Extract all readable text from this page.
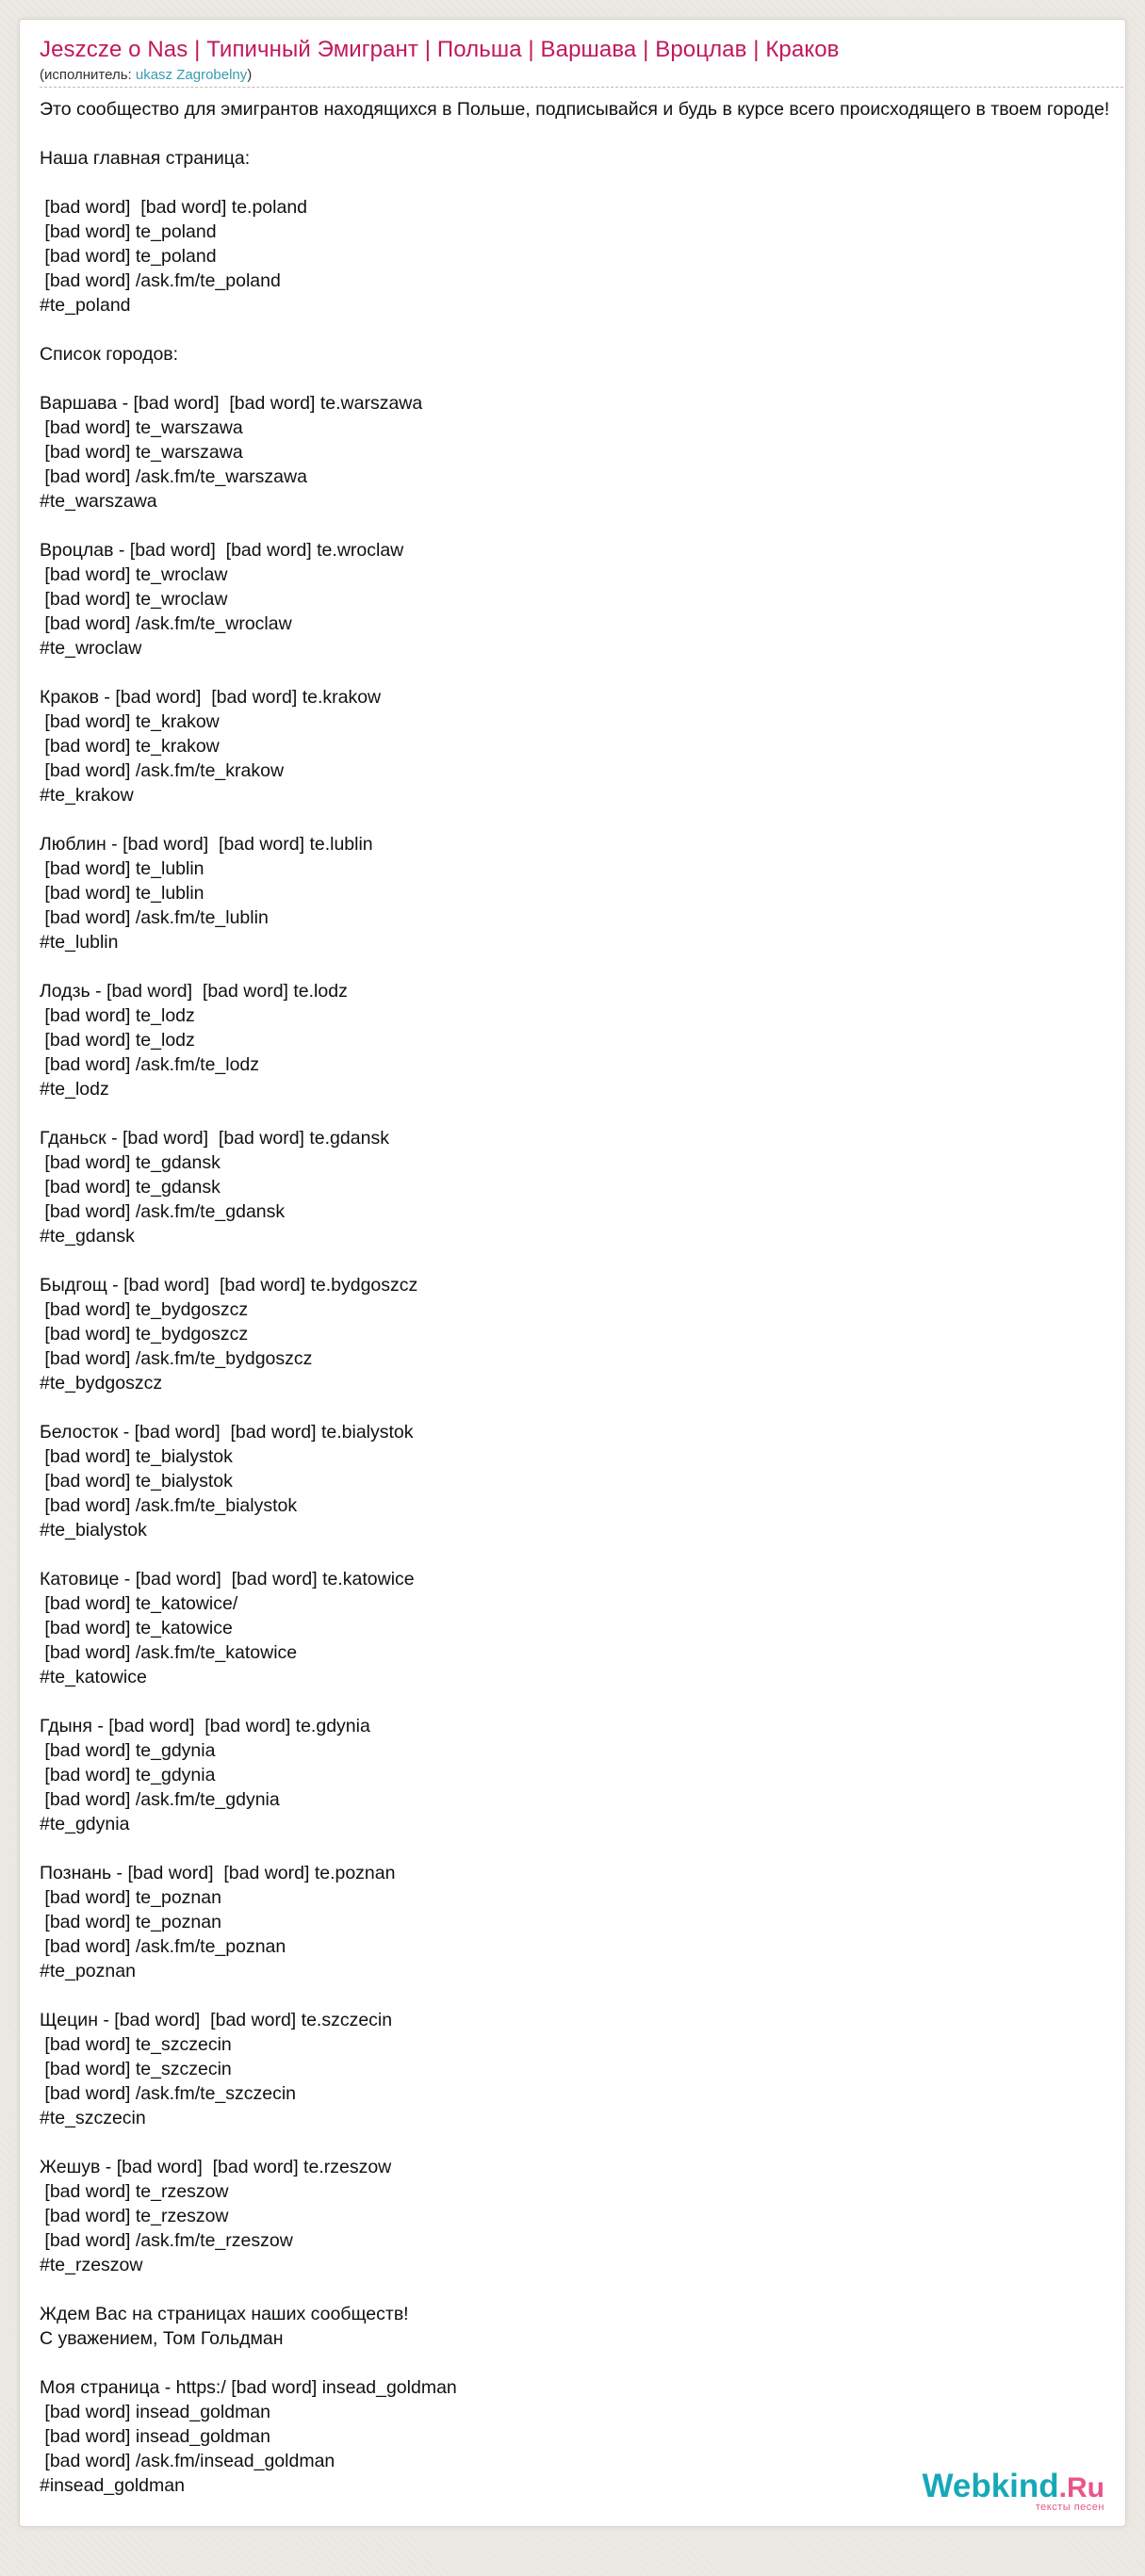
Jeszcze o Nas | Типичный Эмигрант | Польша | Варшава | Вроцлав | Краков
(исполнитель: ukasz Zagrobelny)
Это сообщество для эмигрантов находящихся в Польше, подписывайся и будь в курсе всего происходящего в твоем городе!

Наша главная страница:

[bad word]  [bad word] te.poland
[bad word] te_poland
[bad word] te_poland
[bad word] /ask.fm/te_poland
#te_poland

Список городов:

Варшава - [bad word]  [bad word] te.warszawa
[bad word] te_warszawa
[bad word] te_warszawa
[bad word] /ask.fm/te_warszawa
#te_warszawa

Вроцлав - [bad word]  [bad word] te.wroclaw
[bad word] te_wroclaw
[bad word] te_wroclaw
[bad word] /ask.fm/te_wroclaw
#te_wroclaw

Краков - [bad word]  [bad word] te.krakow
[bad word] te_krakow
[bad word] te_krakow
[bad word] /ask.fm/te_krakow
#te_krakow

Люблин - [bad word]  [bad word] te.lublin
[bad word] te_lublin
[bad word] te_lublin
[bad word] /ask.fm/te_lublin
#te_lublin

Лодзь - [bad word]  [bad word] te.lodz
[bad word] te_lodz
[bad word] te_lodz
[bad word] /ask.fm/te_lodz
#te_lodz

Гданьск - [bad word]  [bad word] te.gdansk
[bad word] te_gdansk
[bad word] te_gdansk
[bad word] /ask.fm/te_gdansk
#te_gdansk

Быдгощ - [bad word]  [bad word] te.bydgoszcz
[bad word] te_bydgoszcz
[bad word] te_bydgoszcz
[bad word] /ask.fm/te_bydgoszcz
#te_bydgoszcz

Белосток - [bad word]  [bad word] te.bialystok
[bad word] te_bialystok
[bad word] te_bialystok
[bad word] /ask.fm/te_bialystok
#te_bialystok

Катовице - [bad word]  [bad word] te.katowice
[bad word] te_katowice/
[bad word] te_katowice
[bad word] /ask.fm/te_katowice
#te_katowice

Гдыня - [bad word]  [bad word] te.gdynia
[bad word] te_gdynia
[bad word] te_gdynia
[bad word] /ask.fm/te_gdynia
#te_gdynia

Познань - [bad word]  [bad word] te.poznan
[bad word] te_poznan
[bad word] te_poznan
[bad word] /ask.fm/te_poznan
#te_poznan

Щецин - [bad word]  [bad word] te.szczecin
[bad word] te_szczecin
[bad word] te_szczecin
[bad word] /ask.fm/te_szczecin
#te_szczecin

Жешув - [bad word]  [bad word] te.rzeszow
[bad word] te_rzeszow
[bad word] te_rzeszow
[bad word] /ask.fm/te_rzeszow
#te_rzeszow

Ждем Вас на страницах наших сообществ!
С уважением, Том Гольдман

Моя страница - https:/ [bad word] insead_goldman
[bad word] insead_goldman
[bad word] insead_goldman
[bad word] /ask.fm/insead_goldman
#insead_goldman	Webkind.Ru
тексты песен
